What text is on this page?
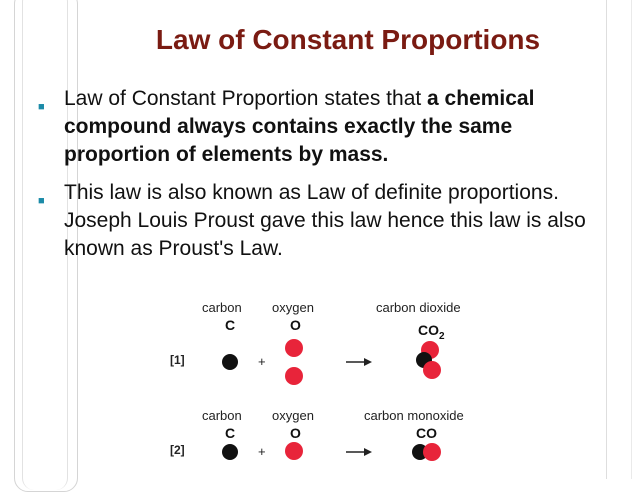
Law of Constant Proportions
■ Law of Constant Proportion states that a chemical compound always contains exactly the same proportion of elements by mass.
■ This law is also known as Law of definite proportions. Joseph Louis Proust gave this law hence this law is also known as Proust's Law.
carbon
C
oxygen
O
carbon dioxide
$CO_2$
[1]	+
carbon
C
oxygen
O
carbon monoxide
CO
[2]	+
